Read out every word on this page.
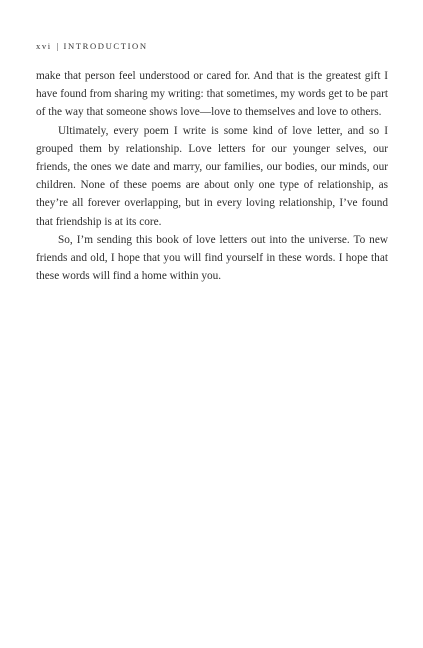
xvi | INTRODUCTION

make that person feel understood or cared for. And that is the greatest gift I have found from sharing my writing: that sometimes, my words get to be part of the way that someone shows love—love to themselves and love to others.

Ultimately, every poem I write is some kind of love letter, and so I grouped them by relationship. Love letters for our younger selves, our friends, the ones we date and marry, our families, our bodies, our minds, our children. None of these poems are about only one type of relationship, as they’re all forever overlapping, but in every loving relationship, I’ve found that friendship is at its core.

So, I’m sending this book of love letters out into the universe. To new friends and old, I hope that you will find yourself in these words. I hope that these words will find a home within you.
